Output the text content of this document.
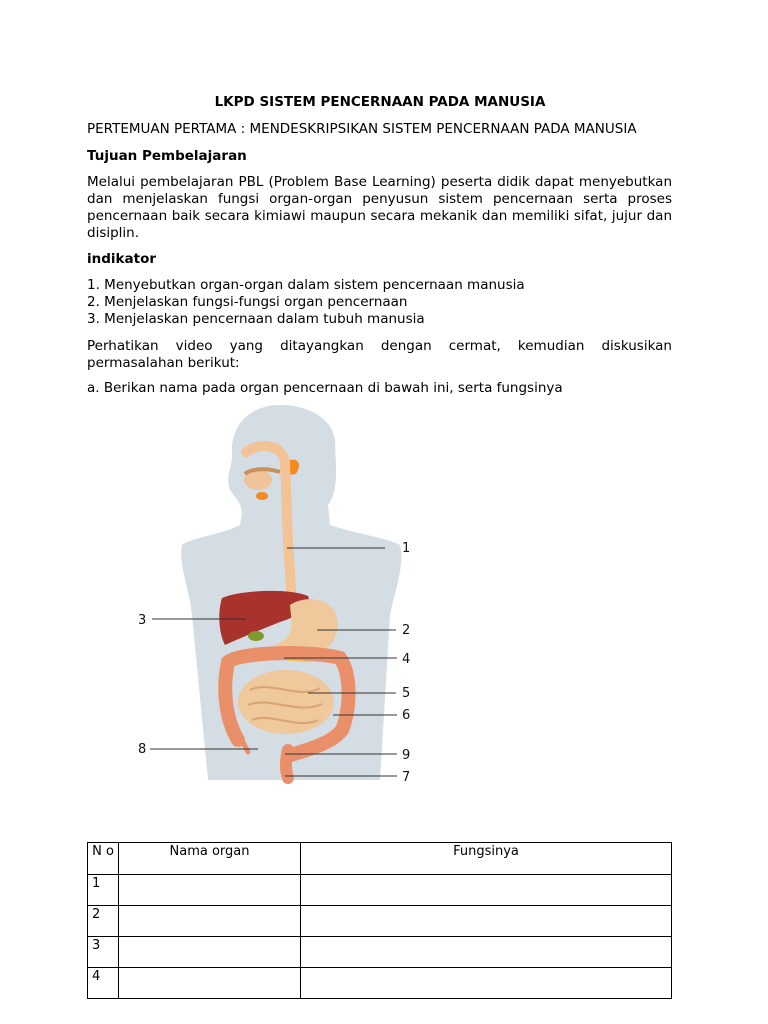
LKPD SISTEM PENCERNAAN PADA MANUSIA
PERTEMUAN PERTAMA : MENDESKRIPSIKAN SISTEM PENCERNAAN PADA MANUSIA
Tujuan Pembelajaran
Melalui pembelajaran PBL (Problem Base Learning) peserta didik dapat menyebutkan dan menjelaskan fungsi organ-organ penyusun sistem pencernaan serta proses pencernaan baik secara kimiawi maupun secara mekanik dan memiliki sifat, jujur dan disiplin.
indikator
1. Menyebutkan organ-organ dalam sistem pencernaan manusia
2. Menjelaskan fungsi-fungsi organ pencernaan
3. Menjelaskan pencernaan dalam tubuh manusia
Perhatikan video yang ditayangkan dengan cermat, kemudian diskusikan permasalahan berikut:
a. Berikan nama pada organ pencernaan di bawah ini, serta fungsinya
1
2
3
4
5
6
7
8	9
N o	Nama organ	Fungsinya
1		
2		
3		
4		
